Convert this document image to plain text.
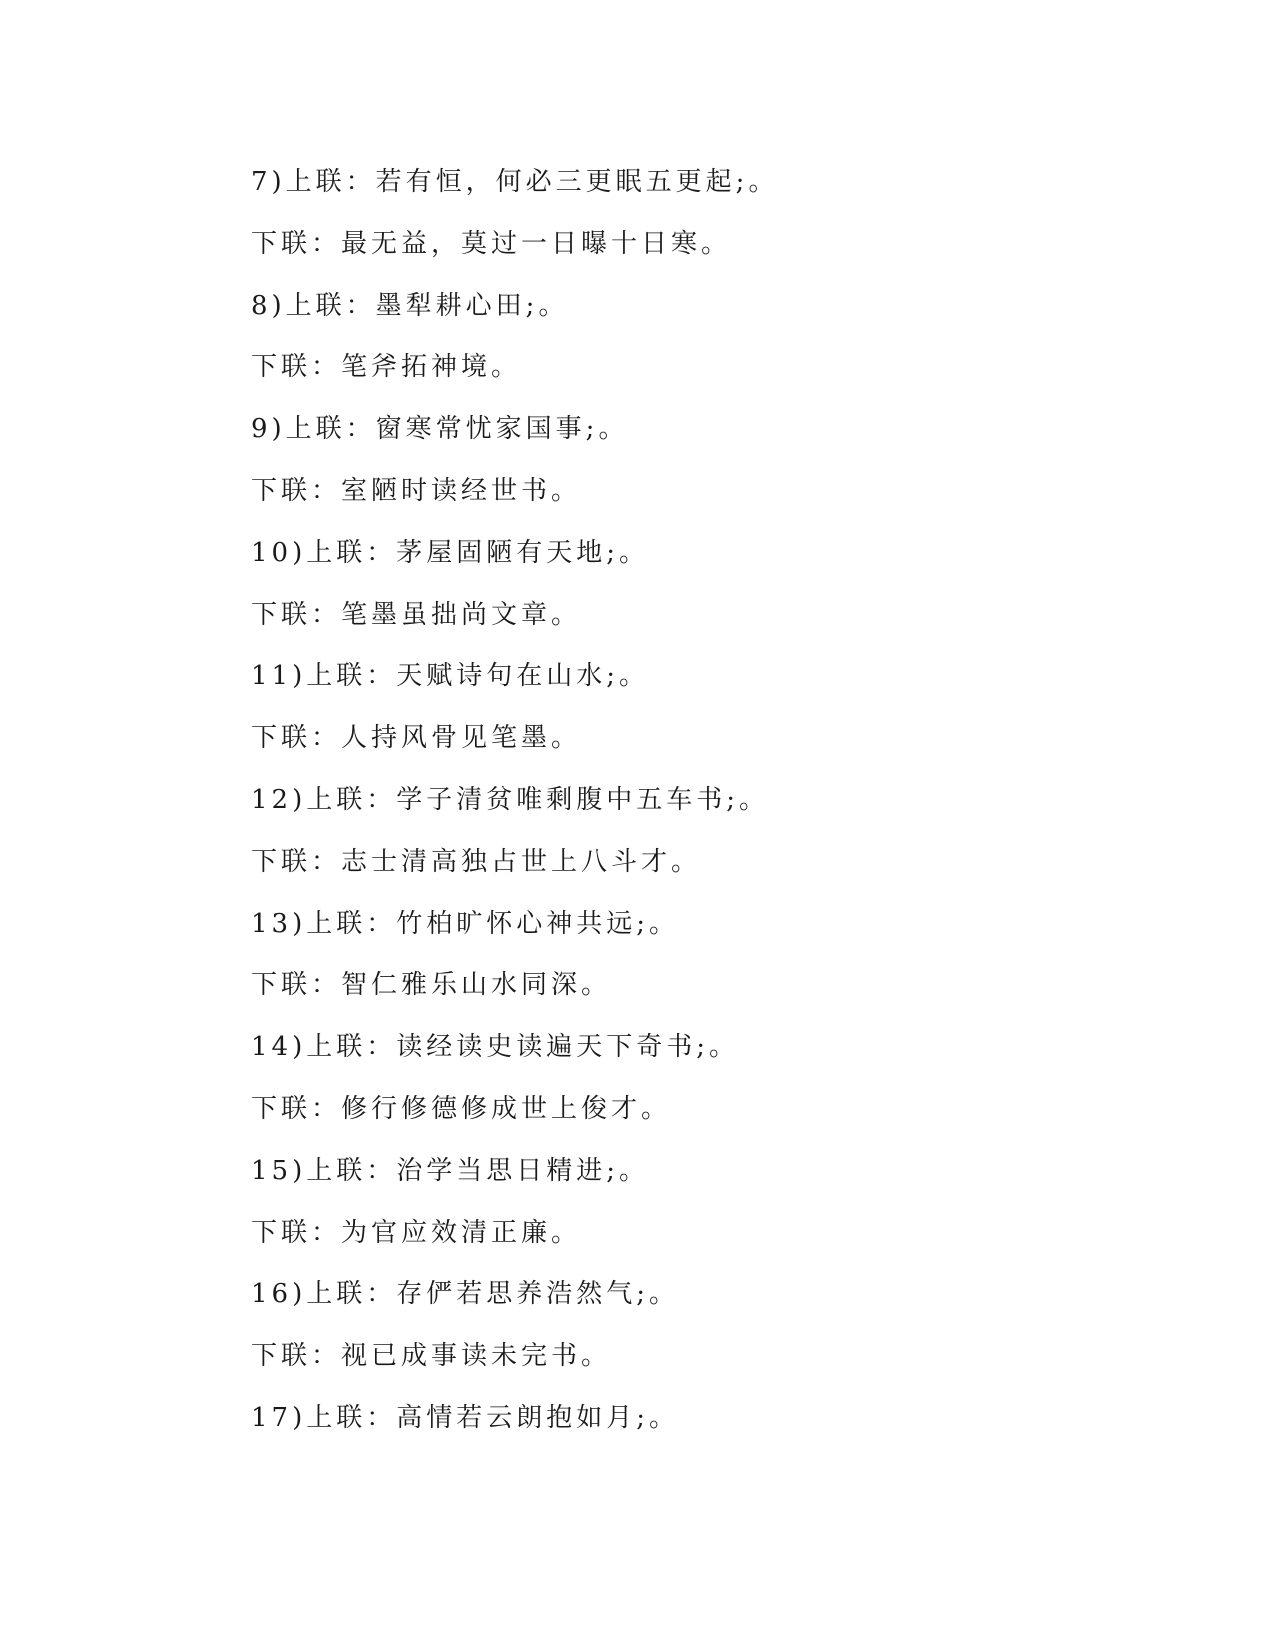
7)上联：若有恒，何必三更眠五更起;。
下联：最无益，莫过一日曝十日寒。
8)上联：墨犁耕心田;。
下联：笔斧拓神境。
9)上联：窗寒常忧家国事;。
下联：室陋时读经世书。
10)上联：茅屋固陋有天地;。
下联：笔墨虽拙尚文章。
11)上联：天赋诗句在山水;。
下联：人持风骨见笔墨。
12)上联：学子清贫唯剩腹中五车书;。
下联：志士清高独占世上八斗才。
13)上联：竹柏旷怀心神共远;。
下联：智仁雅乐山水同深。
14)上联：读经读史读遍天下奇书;。
下联：修行修德修成世上俊才。
15)上联：治学当思日精进;。
下联：为官应效清正廉。
16)上联：存俨若思养浩然气;。
下联：视已成事读未完书。
17)上联：高情若云朗抱如月;。
